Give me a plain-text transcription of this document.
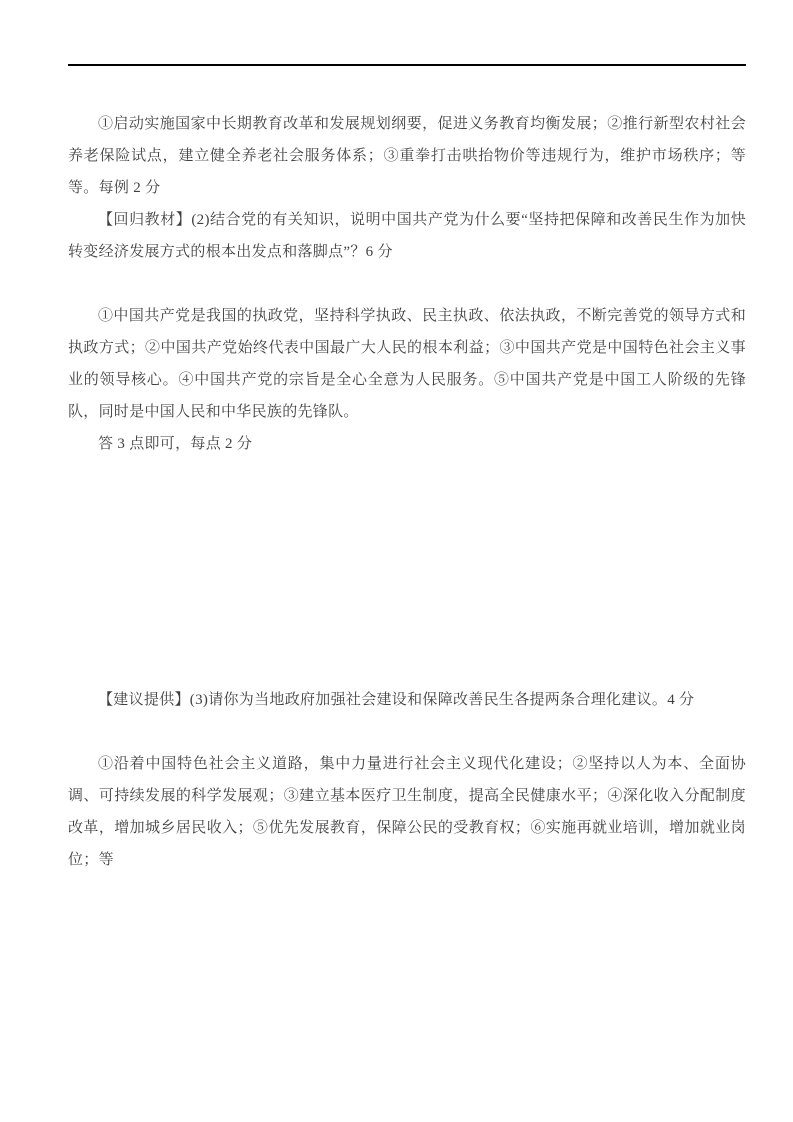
①启动实施国家中长期教育改革和发展规划纲要，促进义务教育均衡发展；②推行新型农村社会养老保险试点，建立健全养老社会服务体系；③重拳打击哄抬物价等违规行为，维护市场秩序；等等。每例 2 分

【回归教材】(2)结合党的有关知识，说明中国共产党为什么要“坚持把保障和改善民生作为加快转变经济发展方式的根本出发点和落脚点”？6 分

①中国共产党是我国的执政党，坚持科学执政、民主执政、依法执政，不断完善党的领导方式和执政方式；②中国共产党始终代表中国最广大人民的根本利益；③中国共产党是中国特色社会主义事业的领导核心。④中国共产党的宗旨是全心全意为人民服务。⑤中国共产党是中国工人阶级的先锋队，同时是中国人民和中华民族的先锋队。

答 3 点即可，每点 2 分

【建议提供】(3)请你为当地政府加强社会建设和保障改善民生各提两条合理化建议。4 分

①沿着中国特色社会主义道路，集中力量进行社会主义现代化建设；②坚持以人为本、全面协调、可持续发展的科学发展观；③建立基本医疗卫生制度，提高全民健康水平；④深化收入分配制度改革，增加城乡居民收入；⑤优先发展教育，保障公民的受教育权；⑥实施再就业培训，增加就业岗位；等
